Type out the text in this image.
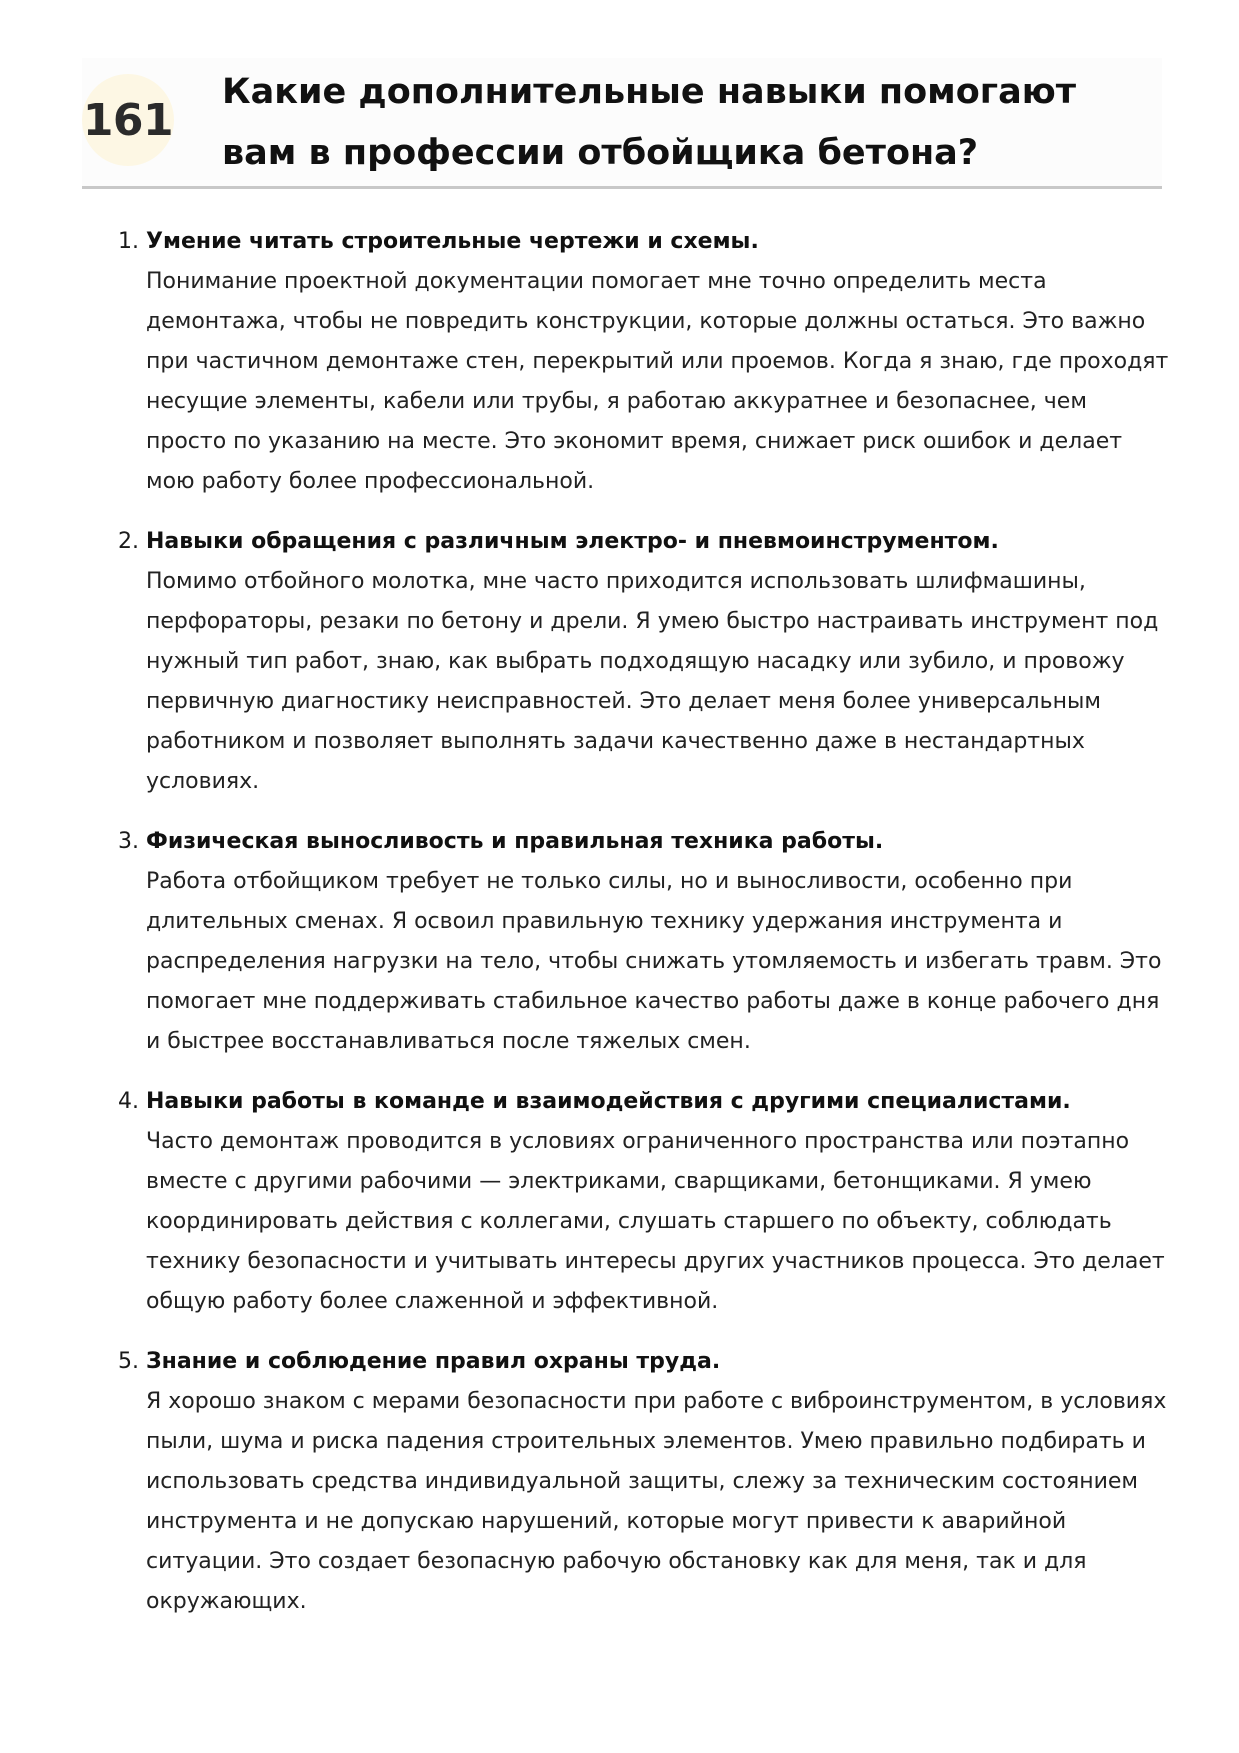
161
Какие дополнительные навыки помогают вам в профессии отбойщика бетона?
1. Умение читать строительные чертежи и схемы.
Понимание проектной документации помогает мне точно определить места демонтажа, чтобы не повредить конструкции, которые должны остаться. Это важно при частичном демонтаже стен, перекрытий или проемов. Когда я знаю, где проходят несущие элементы, кабели или трубы, я работаю аккуратнее и безопаснее, чем просто по указанию на месте. Это экономит время, снижает риск ошибок и делает мою работу более профессиональной.
2. Навыки обращения с различным электро- и пневмоинструментом.
Помимо отбойного молотка, мне часто приходится использовать шлифмашины, перфораторы, резаки по бетону и дрели. Я умею быстро настраивать инструмент под нужный тип работ, знаю, как выбрать подходящую насадку или зубило, и провожу первичную диагностику неисправностей. Это делает меня более универсальным работником и позволяет выполнять задачи качественно даже в нестандартных условиях.
3. Физическая выносливость и правильная техника работы.
Работа отбойщиком требует не только силы, но и выносливости, особенно при длительных сменах. Я освоил правильную технику удержания инструмента и распределения нагрузки на тело, чтобы снижать утомляемость и избегать травм. Это помогает мне поддерживать стабильное качество работы даже в конце рабочего дня и быстрее восстанавливаться после тяжелых смен.
4. Навыки работы в команде и взаимодействия с другими специалистами.
Часто демонтаж проводится в условиях ограниченного пространства или поэтапно вместе с другими рабочими — электриками, сварщиками, бетонщиками. Я умею координировать действия с коллегами, слушать старшего по объекту, соблюдать технику безопасности и учитывать интересы других участников процесса. Это делает общую работу более слаженной и эффективной.
5. Знание и соблюдение правил охраны труда.
Я хорошо знаком с мерами безопасности при работе с виброинструментом, в условиях пыли, шума и риска падения строительных элементов. Умею правильно подбирать и использовать средства индивидуальной защиты, слежу за техническим состоянием инструмента и не допускаю нарушений, которые могут привести к аварийной ситуации. Это создает безопасную рабочую обстановку как для меня, так и для окружающих.
